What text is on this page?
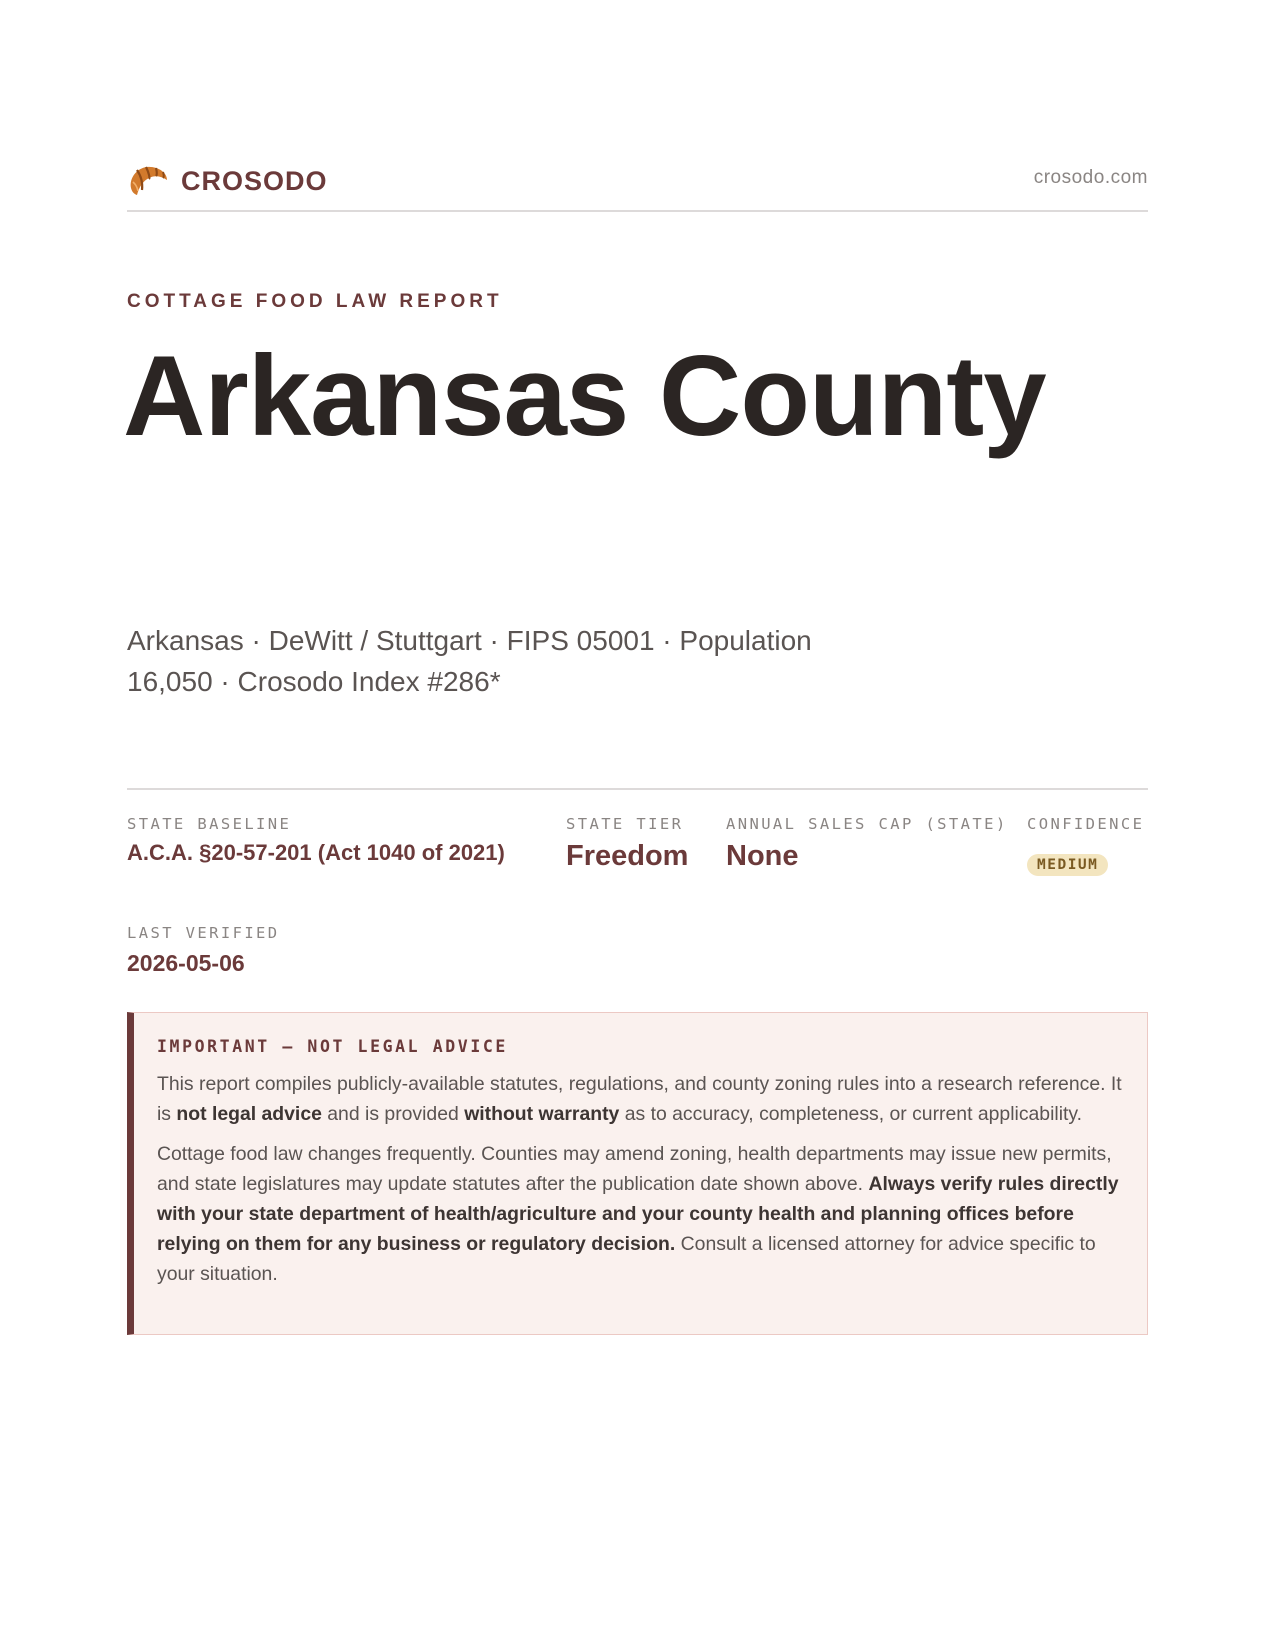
CROSODO	crosodo.com
COTTAGE FOOD LAW REPORT
Arkansas County
Arkansas · DeWitt / Stuttgart · FIPS 05001 · Population 16,050 · Crosodo Index #286*
STATE BASELINE
A.C.A. §20-57-201 (Act 1040 of 2021)
STATE TIER
Freedom
ANNUAL SALES CAP (STATE)
None
CONFIDENCE
MEDIUM
LAST VERIFIED
2026-05-06
IMPORTANT — NOT LEGAL ADVICE

This report compiles publicly-available statutes, regulations, and county zoning rules into a research reference. It is not legal advice and is provided without warranty as to accuracy, completeness, or current applicability.

Cottage food law changes frequently. Counties may amend zoning, health departments may issue new permits, and state legislatures may update statutes after the publication date shown above. Always verify rules directly with your state department of health/agriculture and your county health and planning offices before relying on them for any business or regulatory decision. Consult a licensed attorney for advice specific to your situation.
